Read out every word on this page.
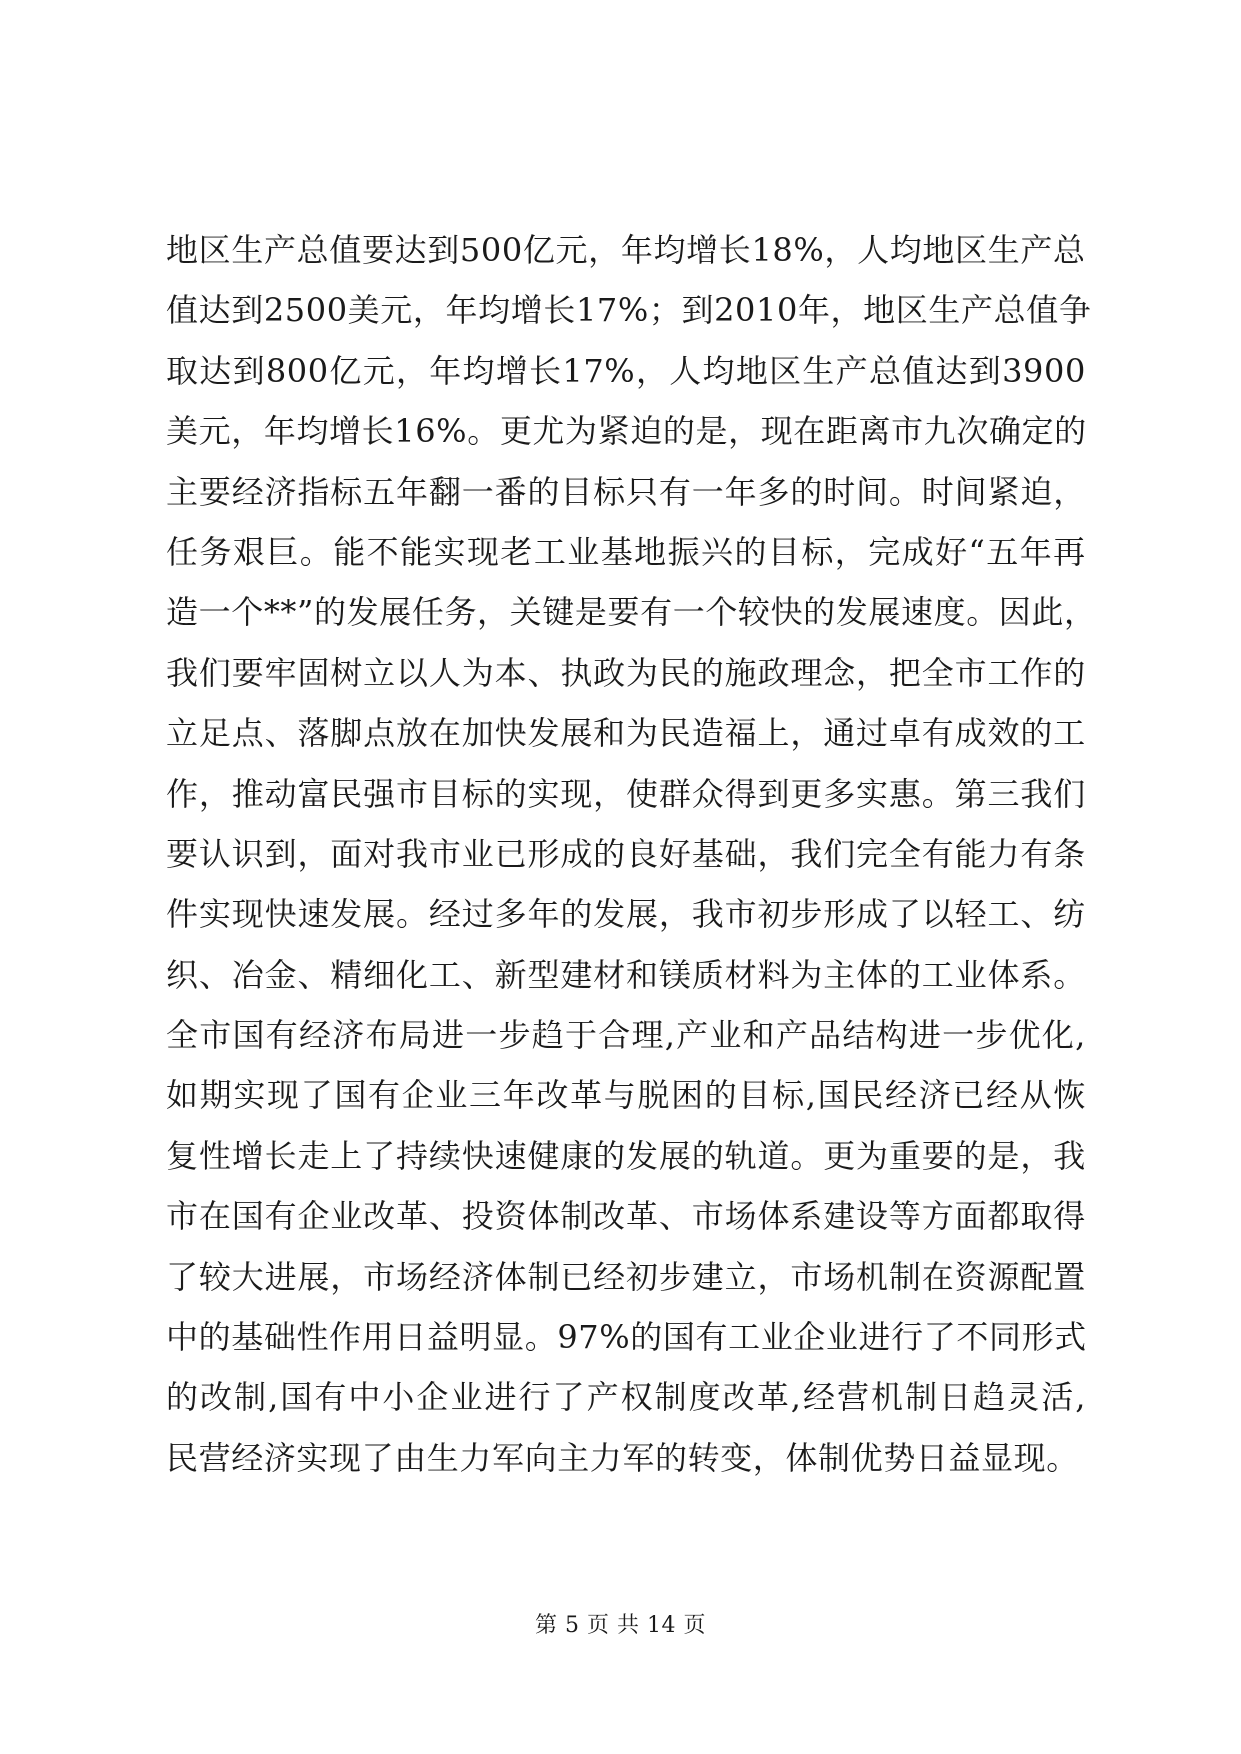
地 区 生 产 总 值 要 达 到 500 亿 元 ， 年 均 增 长 18% ， 人 均 地 区 生 产 总
值 达 到 2500 美 元 ， 年 均 增 长 17% ； 到 2010 年 ， 地 区 生 产 总 值 争
取 达 到 800 亿 元 ， 年 均 增 长 17% ， 人 均 地 区 生 产 总 值 达 到 3900
美 元 ， 年 均 增 长 16% 。 更 尤 为 紧 迫 的 是 ， 现 在 距 离 市 九 次 确 定 的
主 要 经 济 指 标 五 年 翻 一 番 的 目 标 只 有 一 年 多 的 时 间 。 时 间 紧 迫 ，
任 务 艰 巨 。 能 不 能 实 现 老 工 业 基 地 振 兴 的 目 标 ， 完 成 好 “ 五 年 再
造 一 个 ** ” 的 发 展 任 务 ， 关 键 是 要 有 一 个 较 快 的 发 展 速 度 。 因 此 ，
我 们 要 牢 固 树 立 以 人 为 本 、 执 政 为 民 的 施 政 理 念 ， 把 全 市 工 作 的
立 足 点 、 落 脚 点 放 在 加 快 发 展 和 为 民 造 福 上 ， 通 过 卓 有 成 效 的 工
作 ， 推 动 富 民 强 市 目 标 的 实 现 ， 使 群 众 得 到 更 多 实 惠 。 第 三 我 们
要 认 识 到 ， 面 对 我 市 业 已 形 成 的 良 好 基 础 ， 我 们 完 全 有 能 力 有 条
件 实 现 快 速 发 展 。 经 过 多 年 的 发 展 ， 我 市 初 步 形 成 了 以 轻 工 、 纺
织 、 冶 金 、 精 细 化 工 、 新 型 建 材 和 镁 质 材 料 为 主 体 的 工 业 体 系 。
全 市 国 有 经 济 布 局 进 一 步 趋 于 合 理 , 产 业 和 产 品 结 构 进 一 步 优 化 ,
如 期 实 现 了 国 有 企 业 三 年 改 革 与 脱 困 的 目 标 , 国 民 经 济 已 经 从 恢
复 性 增 长 走 上 了 持 续 快 速 健 康 的 发 展 的 轨 道 。 更 为 重 要 的 是 ， 我
市 在 国 有 企 业 改 革 、 投 资 体 制 改 革 、 市 场 体 系 建 设 等 方 面 都 取 得
了 较 大 进 展 ， 市 场 经 济 体 制 已 经 初 步 建 立 ， 市 场 机 制 在 资 源 配 置
中 的 基 础 性 作 用 日 益 明 显 。 97% 的 国 有 工 业 企 业 进 行 了 不 同 形 式
的 改 制 , 国 有 中 小 企 业 进 行 了 产 权 制 度 改 革 , 经 营 机 制 日 趋 灵 活 ,
民营经济实现了由生力军向主力军的转变，体制优势日益显现。
第 5 页 共 14 页
